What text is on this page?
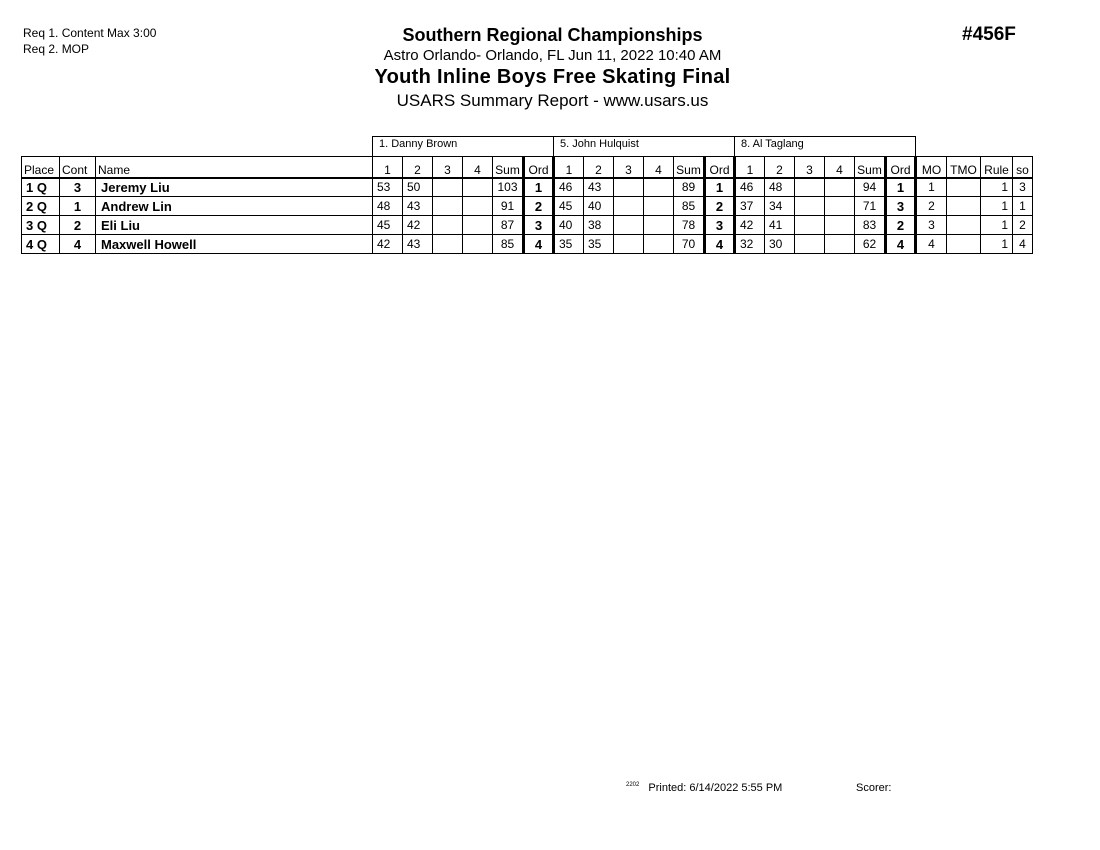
Req 1. Content Max 3:00
Req 2. MOP
Southern Regional Championships
Astro Orlando- Orlando, FL Jun 11, 2022 10:40 AM
Youth Inline Boys Free Skating Final
USARS Summary Report - www.usars.us
#456F
1. Danny Brown	5. John Hulquist	8. Al Taglang
Place	Cont	Name	1	2	3	4	Sum	Ord	1	2	3	4	Sum	Ord	1	2	3	4	Sum	Ord	MO	TMO	Rule	so
1 Q	3	Jeremy Liu	53	50			103	1	46	43			89	1	46	48			94	1	1		1	3
2 Q	1	Andrew Lin	48	43			91	2	45	40			85	2	37	34			71	3	2		1	1
3 Q	2	Eli Liu	45	42			87	3	40	38			78	3	42	41			83	2	3		1	2
4 Q	4	Maxwell Howell	42	43			85	4	35	35			70	4	32	30			62	4	4		1	4
$^{2202}$ Printed: 6/14/2022 5:55 PM	Scorer:
